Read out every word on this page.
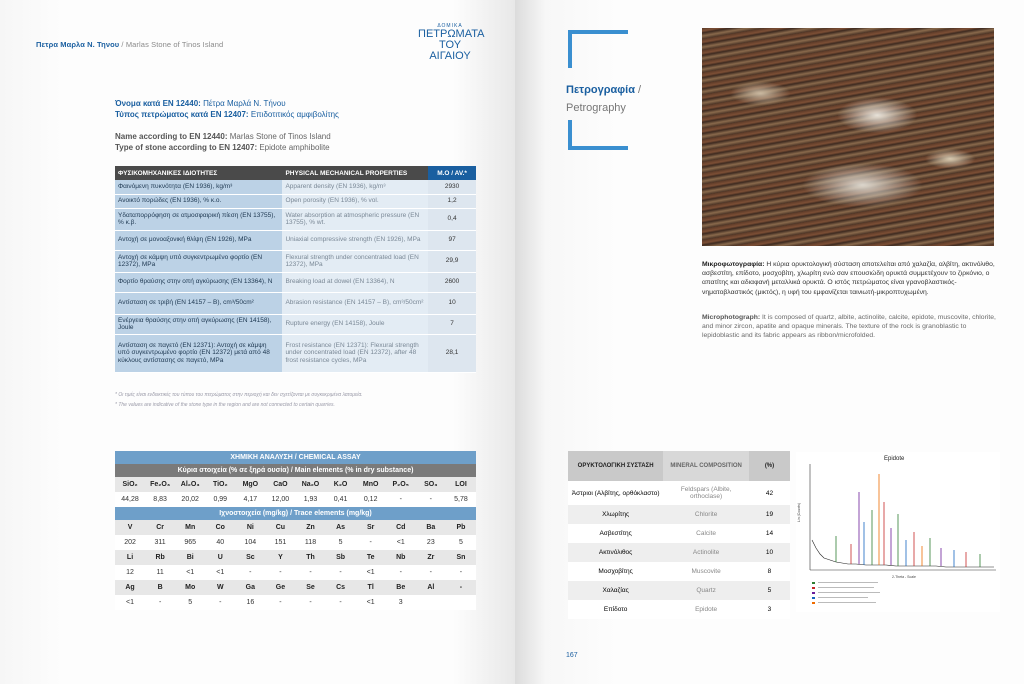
Πετρα Μαρλα Ν. Τηνου / Marlas Stone of Tinos Island
ΔΟΜΙΚΑ
ΠΕΤΡΩΜΑΤΑ
ΤΟΥ ΑΙΓΑΙΟΥ
Όνομα κατά EN 12440: Πέτρα Μαρλά Ν. Τήνου
Τύπος πετρώματος κατά EN 12407: Επιδοτιτικός αμφιβολίτης
Name according to EN 12440: Marlas Stone of Tinos Island
Type of stone according to EN 12407: Epidote amphibolite
ΦΥΣΙΚΟΜΗΧΑΝΙΚΕΣ ΙΔΙΟΤΗΤΕΣ	PHYSICAL MECHANICAL PROPERTIES	M.O / AV.*
Φαινόμενη πυκνότητα (EN 1936), kg/m³	Apparent density (EN 1936), kg/m³	2930
Ανοικτό πορώδες (EN 1936), % κ.ο.	Open porosity (EN 1936), % vol.	1,2
Υδαταπορρόφηση σε ατμοσφαιρική πίεση (EN 13755), % κ.β.	Water absorption at atmospheric pressure (EN 13755), % wt.	0,4
Αντοχή σε μονοαξονική θλίψη (EN 1926), MPa	Uniaxial compressive strength (EN 1926), MPa	97
Αντοχή σε κάμψη υπό συγκεντρωμένο φορτίο (EN 12372), MPa	Flexural strength under concentrated load (EN 12372), MPa	29,9
Φορτίο θραύσης στην οπή αγκύρωσης (EN 13364), N	Breaking load at dowel (EN 13364), N	2600
Αντίσταση σε τριβή (EN 14157 – B), cm³/50cm²	Abrasion resistance (EN 14157 – B), cm³/50cm²	10
Ενέργεια θραύσης στην οπή αγκύρωσης (EN 14158), Joule	Rupture energy (EN 14158), Joule	7
Αντίσταση σε παγετό (EN 12371): Αντοχή σε κάμψη υπό συγκεντρωμένο φορτίο (EN 12372) μετά από 48 κύκλους αντίστασης σε παγετό, MPa	Frost resistance (EN 12371): Flexural strength under concentrated load (EN 12372), after 48 frost resistance cycles, MPa	28,1
* Οι τιμές είναι ενδεικτικές του τύπου του πετρώματος στην περιοχή και δεν σχετίζονται με συγκεκριμένα λατομεία.
* The values are indicative of the stone type in the region and are not connected to certain quarries.
ΧΗΜΙΚΗ ΑΝΑΛΥΣΗ / CHEMICAL ASSAY
Κύρια στοιχεία (% σε ξηρά ουσία) / Main elements (% in dry substance)
SiO₂	Fe₂O₃	Al₂O₃	TiO₂	MgO	CaO	Na₂O	K₂O	MnO	P₂O₅	SO₃	LOI
44,28	8,83	20,02	0,99	4,17	12,00	1,93	0,41	0,12	-	-	5,78
Ιχνοστοιχεία (mg/kg) / Trace elements (mg/kg)
V	Cr	Mn	Co	Ni	Cu	Zn	As	Sr	Cd	Ba	Pb
202	311	965	40	104	151	118	5	-	<1	23	5
Li	Rb	Bi	U	Sc	Y	Th	Sb	Te	Nb	Zr	Sn
12	11	<1	<1	-	-	-	-	<1	-	-	-
Ag	B	Mo	W	Ga	Ge	Se	Cs	Tl	Be	Al	-
<1	-	5	-	16	-	-	-	<1	3		
Πετρογραφία /
Petrography
Μικροφωτογραφία: Η κύρια ορυκτολογική σύσταση αποτελείται από χαλαζία, αλβίτη, ακτινόλιθο, ασβεστίτη, επίδοτο, μοσχοβίτη, χλωρίτη ενώ σαν επουσιώδη ορυκτά συμμετέχουν το ζιρκόνιο, ο απατίτης και αδιαφανή μεταλλικά ορυκτά. Ο ιστός πετρώματος είναι γρανοβλαστικός-νηματοβλαστικός (μικτός), η υφή του εμφανίζεται ταινιωτή-μικροπτυχωμένη.
Microphotograph: It is composed of quartz, albite, actinolite, calcite, epidote, muscovite, chlorite, and minor zircon, apatite and opaque minerals. The texture of the rock is granoblastic to lepidoblastic and its fabric appears as ribbon/microfolded.
ΟΡΥΚΤΟΛΟΓΙΚΗ ΣΥΣΤΑΣΗ	MINERAL COMPOSITION	(%)
Άστριοι (Αλβίτης, ορθόκλαστο)	Feldspars (Albite, orthoclase)	42
Χλωρίτης	Chlorite	19
Ασβεστίτης	Calcite	14
Ακτινόλιθος	Actinolite	10
Μοσχοβίτης	Muscovite	8
Χαλαζίας	Quartz	5
Επίδοτο	Epidote	3
Epidote
Lin (Counts)
2-Theta - Scale
167
